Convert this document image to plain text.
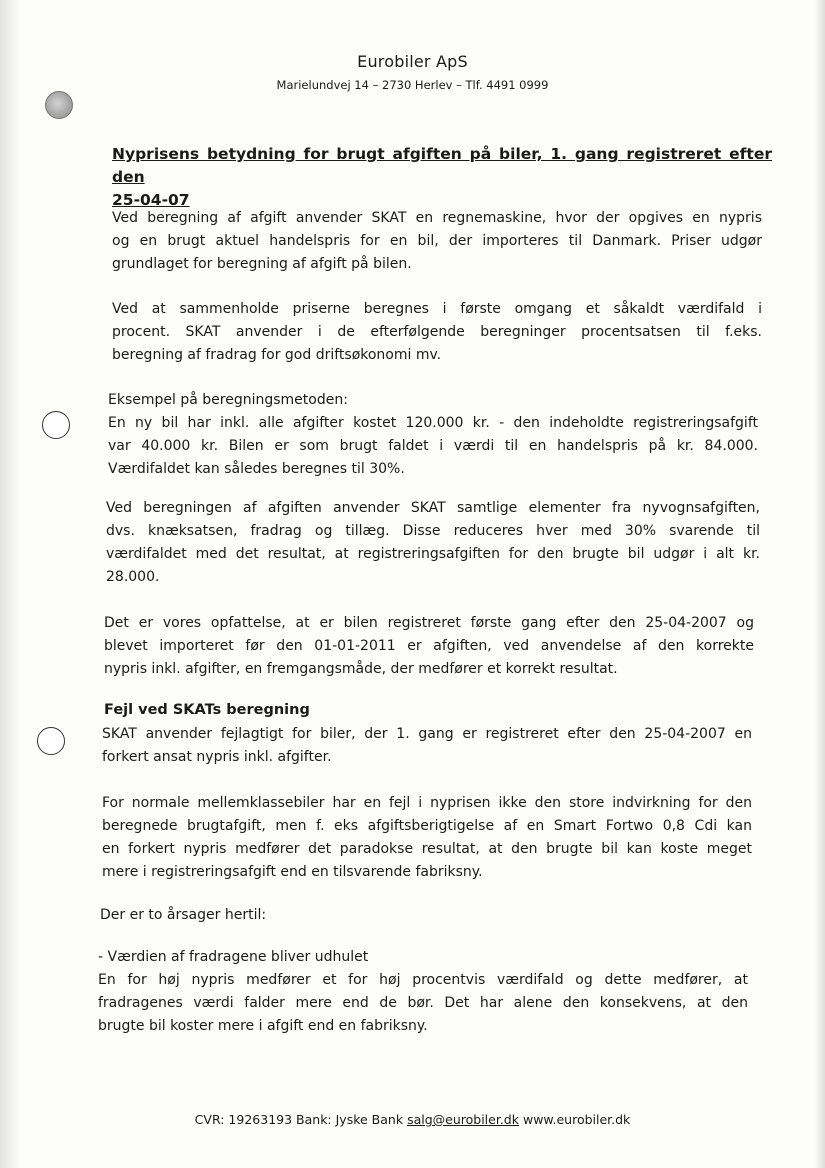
Eurobiler ApS
Marielundvej 14 – 2730 Herlev – Tlf. 4491 0999
Nyprisens betydning for brugt afgiften på biler, 1. gang registreret efter den
25-04-07
Ved beregning af afgift anvender SKAT en regnemaskine, hvor der opgives en nypris
og en brugt aktuel handelspris for en bil, der importeres til Danmark. Priser udgør
grundlaget for beregning af afgift på bilen.
Ved at sammenholde priserne beregnes i første omgang et såkaldt værdifald i
procent. SKAT anvender i de efterfølgende beregninger procentsatsen til f.eks.
beregning af fradrag for god driftsøkonomi mv.
Eksempel på beregningsmetoden:
En ny bil har inkl. alle afgifter kostet 120.000 kr. - den indeholdte registreringsafgift
var 40.000 kr. Bilen er som brugt faldet i værdi til en handelspris på kr. 84.000.
Værdifaldet kan således beregnes til 30%.
Ved beregningen af afgiften anvender SKAT samtlige elementer fra nyvognsafgiften,
dvs. knæksatsen, fradrag og tillæg. Disse reduceres hver med 30% svarende til
værdifaldet med det resultat, at registreringsafgiften for den brugte bil udgør i alt kr.
28.000.
Det er vores opfattelse, at er bilen registreret første gang efter den 25-04-2007 og
blevet importeret før den 01-01-2011 er afgiften, ved anvendelse af den korrekte
nypris inkl. afgifter, en fremgangsmåde, der medfører et korrekt resultat.
Fejl ved SKATs beregning
SKAT anvender fejlagtigt for biler, der 1. gang er registreret efter den 25-04-2007 en
forkert ansat nypris inkl. afgifter.
For normale mellemklassebiler har en fejl i nyprisen ikke den store indvirkning for den
beregnede brugtafgift, men f. eks afgiftsberigtigelse af en Smart Fortwo 0,8 Cdi kan
en forkert nypris medfører det paradokse resultat, at den brugte bil kan koste meget
mere i registreringsafgift end en tilsvarende fabriksny.
Der er to årsager hertil:
- Værdien af fradragene bliver udhulet
En for høj nypris medfører et for høj procentvis værdifald og dette medfører, at
fradragenes værdi falder mere end de bør. Det har alene den konsekvens, at den
brugte bil koster mere i afgift end en fabriksny.
CVR: 19263193 Bank: Jyske Bank salg@eurobiler.dk www.eurobiler.dk
